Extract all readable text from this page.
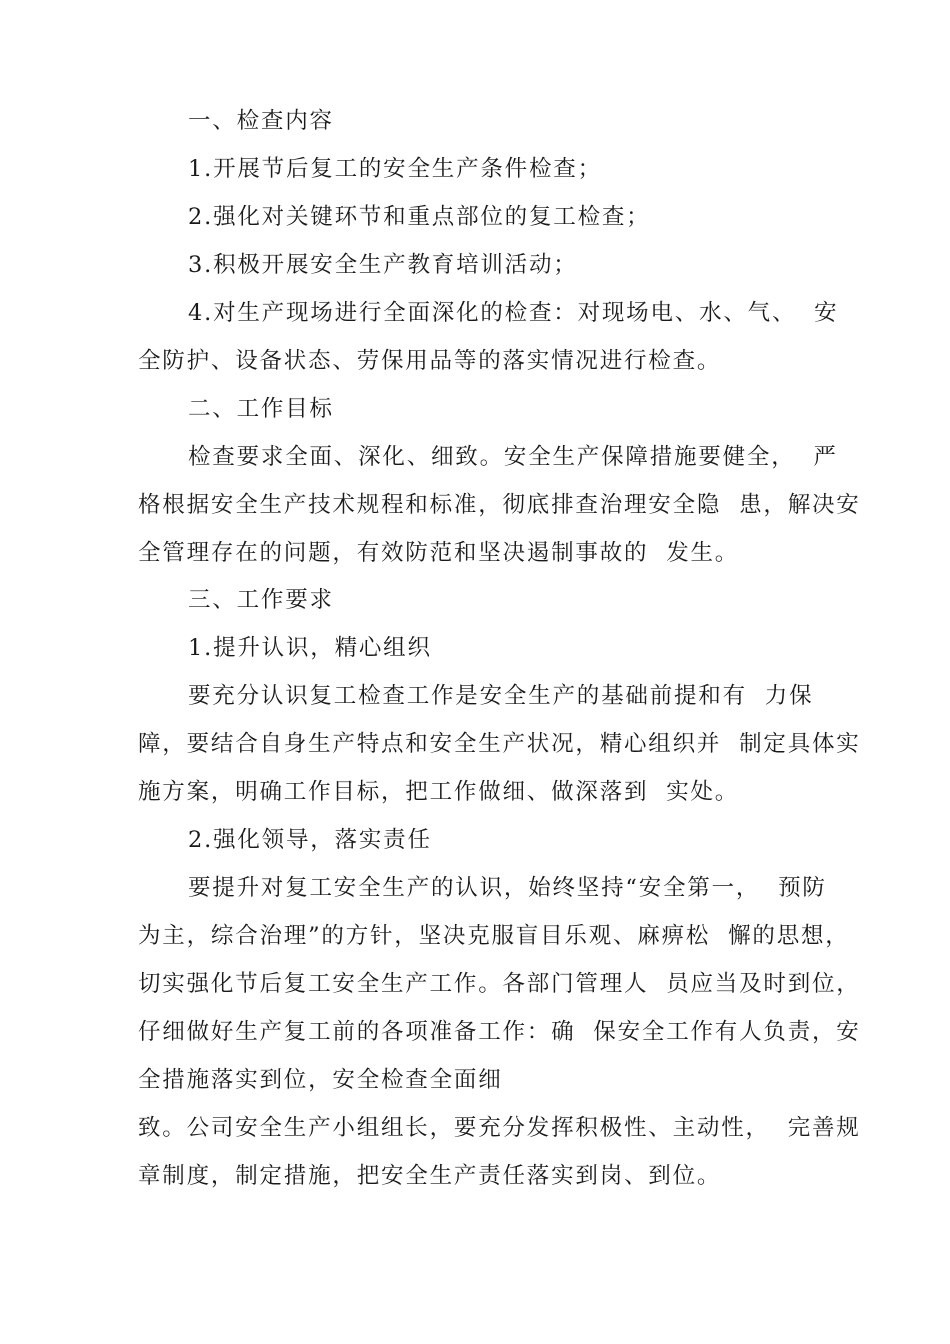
一、检查内容
1.开展节后复工的安全生产条件检查；
2.强化对关键环节和重点部位的复工检查；
3.积极开展安全生产教育培训活动；
4.对生产现场进行全面深化的检查：对现场电、水、气、  安
全防护、设备状态、劳保用品等的落实情况进行检查。
二、工作目标
检查要求全面、深化、细致。安全生产保障措施要健全，  严
格根据安全生产技术规程和标准，彻底排查治理安全隐  患，解决安
全管理存在的问题，有效防范和坚决遏制事故的  发生。
三、工作要求
1.提升认识，精心组织
要充分认识复工检查工作是安全生产的基础前提和有  力保
障，要结合自身生产特点和安全生产状况，精心组织并  制定具体实
施方案，明确工作目标，把工作做细、做深落到  实处。
2.强化领导，落实责任
要提升对复工安全生产的认识，始终坚持“安全第一，  预防
为主，综合治理”的方针，坚决克服盲目乐观、麻痹松  懈的思想，
切实强化节后复工安全生产工作。各部门管理人  员应当及时到位，
仔细做好生产复工前的各项准备工作：确  保安全工作有人负责，安
全措施落实到位，安全检查全面细
致。公司安全生产小组组长，要充分发挥积极性、主动性，  完善规
章制度，制定措施，把安全生产责任落实到岗、到位。
